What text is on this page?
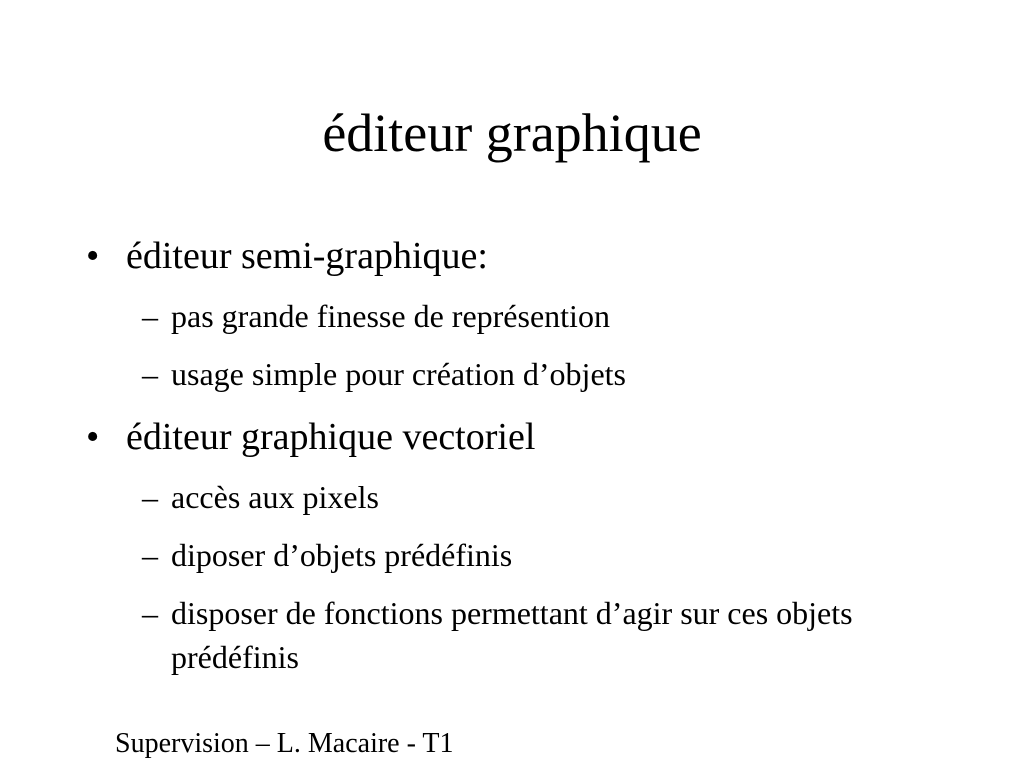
éditeur graphique
• éditeur semi-graphique:
– pas grande finesse de représention
– usage simple pour création d’objets
• éditeur graphique vectoriel
– accès aux pixels
– diposer d’objets prédéfinis
– disposer de fonctions permettant d’agir sur ces objets prédéfinis
Supervision – L. Macaire - T1
